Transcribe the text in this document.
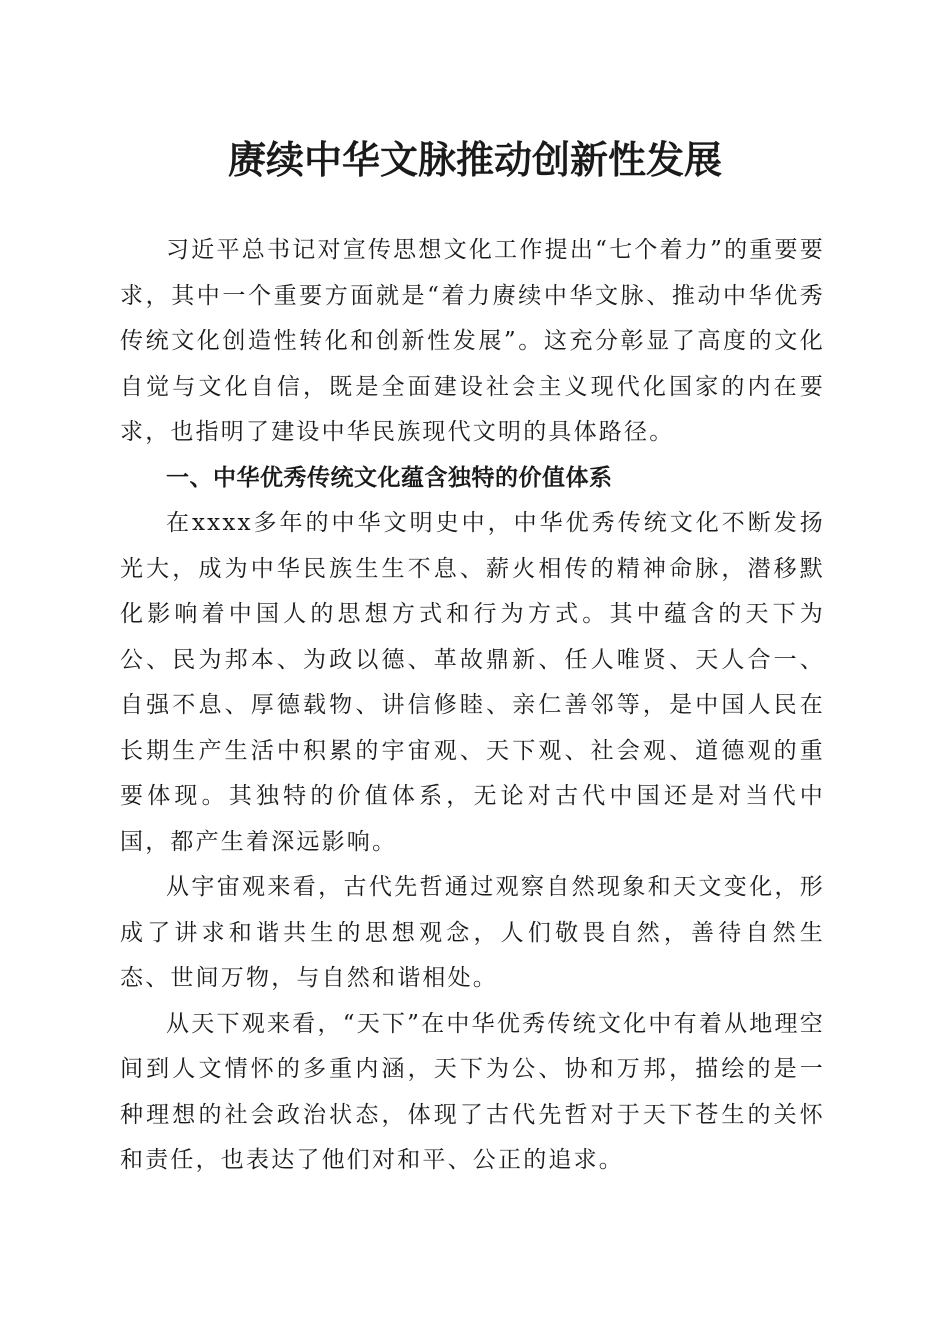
赓续中华文脉推动创新性发展

习近平总书记对宣传思想文化工作提出“七个着力”的重要要求，其中一个重要方面就是“着力赓续中华文脉、推动中华优秀传统文化创造性转化和创新性发展”。这充分彰显了高度的文化自觉与文化自信，既是全面建设社会主义现代化国家的内在要求，也指明了建设中华民族现代文明的具体路径。

一、中华优秀传统文化蕴含独特的价值体系

在xxxx多年的中华文明史中，中华优秀传统文化不断发扬光大，成为中华民族生生不息、薪火相传的精神命脉，潜移默化影响着中国人的思想方式和行为方式。其中蕴含的天下为公、民为邦本、为政以德、革故鼎新、任人唯贤、天人合一、自强不息、厚德载物、讲信修睦、亲仁善邻等，是中国人民在长期生产生活中积累的宇宙观、天下观、社会观、道德观的重要体现。其独特的价值体系，无论对古代中国还是对当代中国，都产生着深远影响。

从宇宙观来看，古代先哲通过观察自然现象和天文变化，形成了讲求和谐共生的思想观念，人们敬畏自然，善待自然生态、世间万物，与自然和谐相处。

从天下观来看，“天下”在中华优秀传统文化中有着从地理空间到人文情怀的多重内涵，天下为公、协和万邦，描绘的是一种理想的社会政治状态，体现了古代先哲对于天下苍生的关怀和责任，也表达了他们对和平、公正的追求。
